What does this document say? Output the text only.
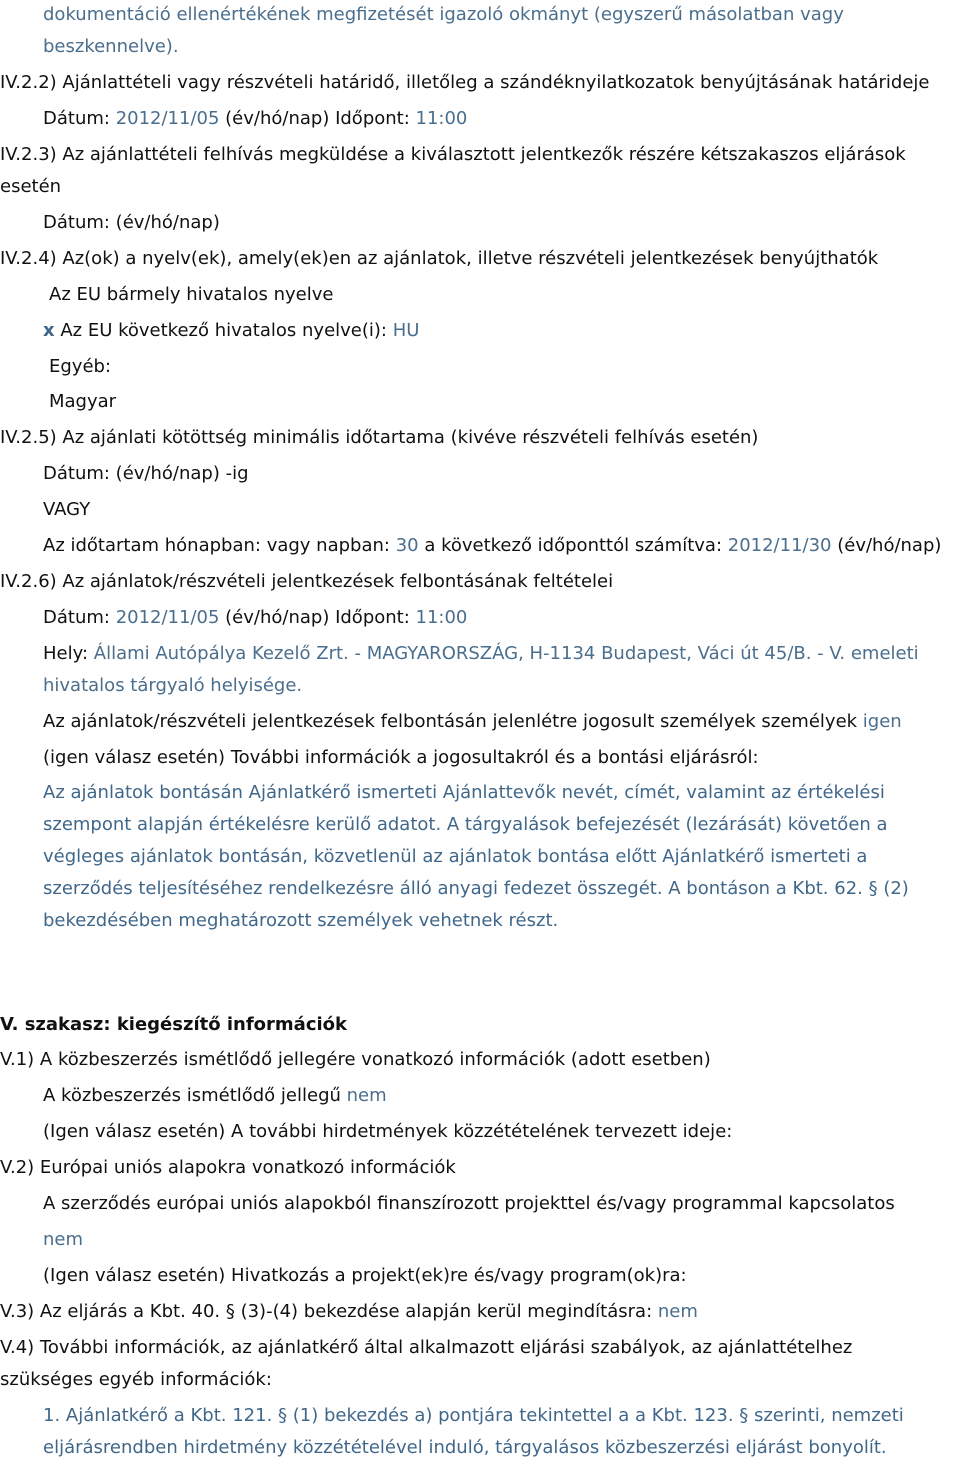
dokumentáció ellenértékének megfizetését igazoló okmányt (egyszerű másolatban vagy
beszkennelve).
IV.2.2) Ajánlattételi vagy részvételi határidő, illetőleg a szándéknyilatkozatok benyújtásának határideje
Dátum: 2012/11/05 (év/hó/nap) Időpont: 11:00
IV.2.3) Az ajánlattételi felhívás megküldése a kiválasztott jelentkezők részére kétszakaszos eljárások
esetén
Dátum: (év/hó/nap)
IV.2.4) Az(ok) a nyelv(ek), amely(ek)en az ajánlatok, illetve részvételi jelentkezések benyújthatók
Az EU bármely hivatalos nyelve
x Az EU következő hivatalos nyelve(i): HU
Egyéb:
Magyar
IV.2.5) Az ajánlati kötöttség minimális időtartama (kivéve részvételi felhívás esetén)
Dátum: (év/hó/nap) -ig
VAGY
Az időtartam hónapban: vagy napban: 30 a következő időponttól számítva: 2012/11/30 (év/hó/nap)
IV.2.6) Az ajánlatok/részvételi jelentkezések felbontásának feltételei
Dátum: 2012/11/05 (év/hó/nap) Időpont: 11:00
Hely: Állami Autópálya Kezelő Zrt. - MAGYARORSZÁG, H-1134 Budapest, Váci út 45/B. - V. emeleti
hivatalos tárgyaló helyisége.
Az ajánlatok/részvételi jelentkezések felbontásán jelenlétre jogosult személyek személyek igen
(igen válasz esetén) További információk a jogosultakról és a bontási eljárásról:
Az ajánlatok bontásán Ajánlatkérő ismerteti Ajánlattevők nevét, címét, valamint az értékelési
szempont alapján értékelésre kerülő adatot. A tárgyalások befejezését (lezárását) követően a
végleges ajánlatok bontásán, közvetlenül az ajánlatok bontása előtt Ajánlatkérő ismerteti a
szerződés teljesítéséhez rendelkezésre álló anyagi fedezet összegét. A bontáson a Kbt. 62. § (2)
bekezdésében meghatározott személyek vehetnek részt.
V. szakasz: kiegészítő információk
V.1) A közbeszerzés ismétlődő jellegére vonatkozó információk (adott esetben)
A közbeszerzés ismétlődő jellegű nem
(Igen válasz esetén) A további hirdetmények közzétételének tervezett ideje:
V.2) Európai uniós alapokra vonatkozó információk
A szerződés európai uniós alapokból finanszírozott projekttel és/vagy programmal kapcsolatos
nem
(Igen válasz esetén) Hivatkozás a projekt(ek)re és/vagy program(ok)ra:
V.3) Az eljárás a Kbt. 40. § (3)-(4) bekezdése alapján kerül megindításra: nem
V.4) További információk, az ajánlatkérő által alkalmazott eljárási szabályok, az ajánlattételhez
szükséges egyéb információk:
1. Ajánlatkérő a Kbt. 121. § (1) bekezdés a) pontjára tekintettel a a Kbt. 123. § szerinti, nemzeti
eljárásrendben hirdetmény közzétételével induló, tárgyalásos közbeszerzési eljárást bonyolít.
